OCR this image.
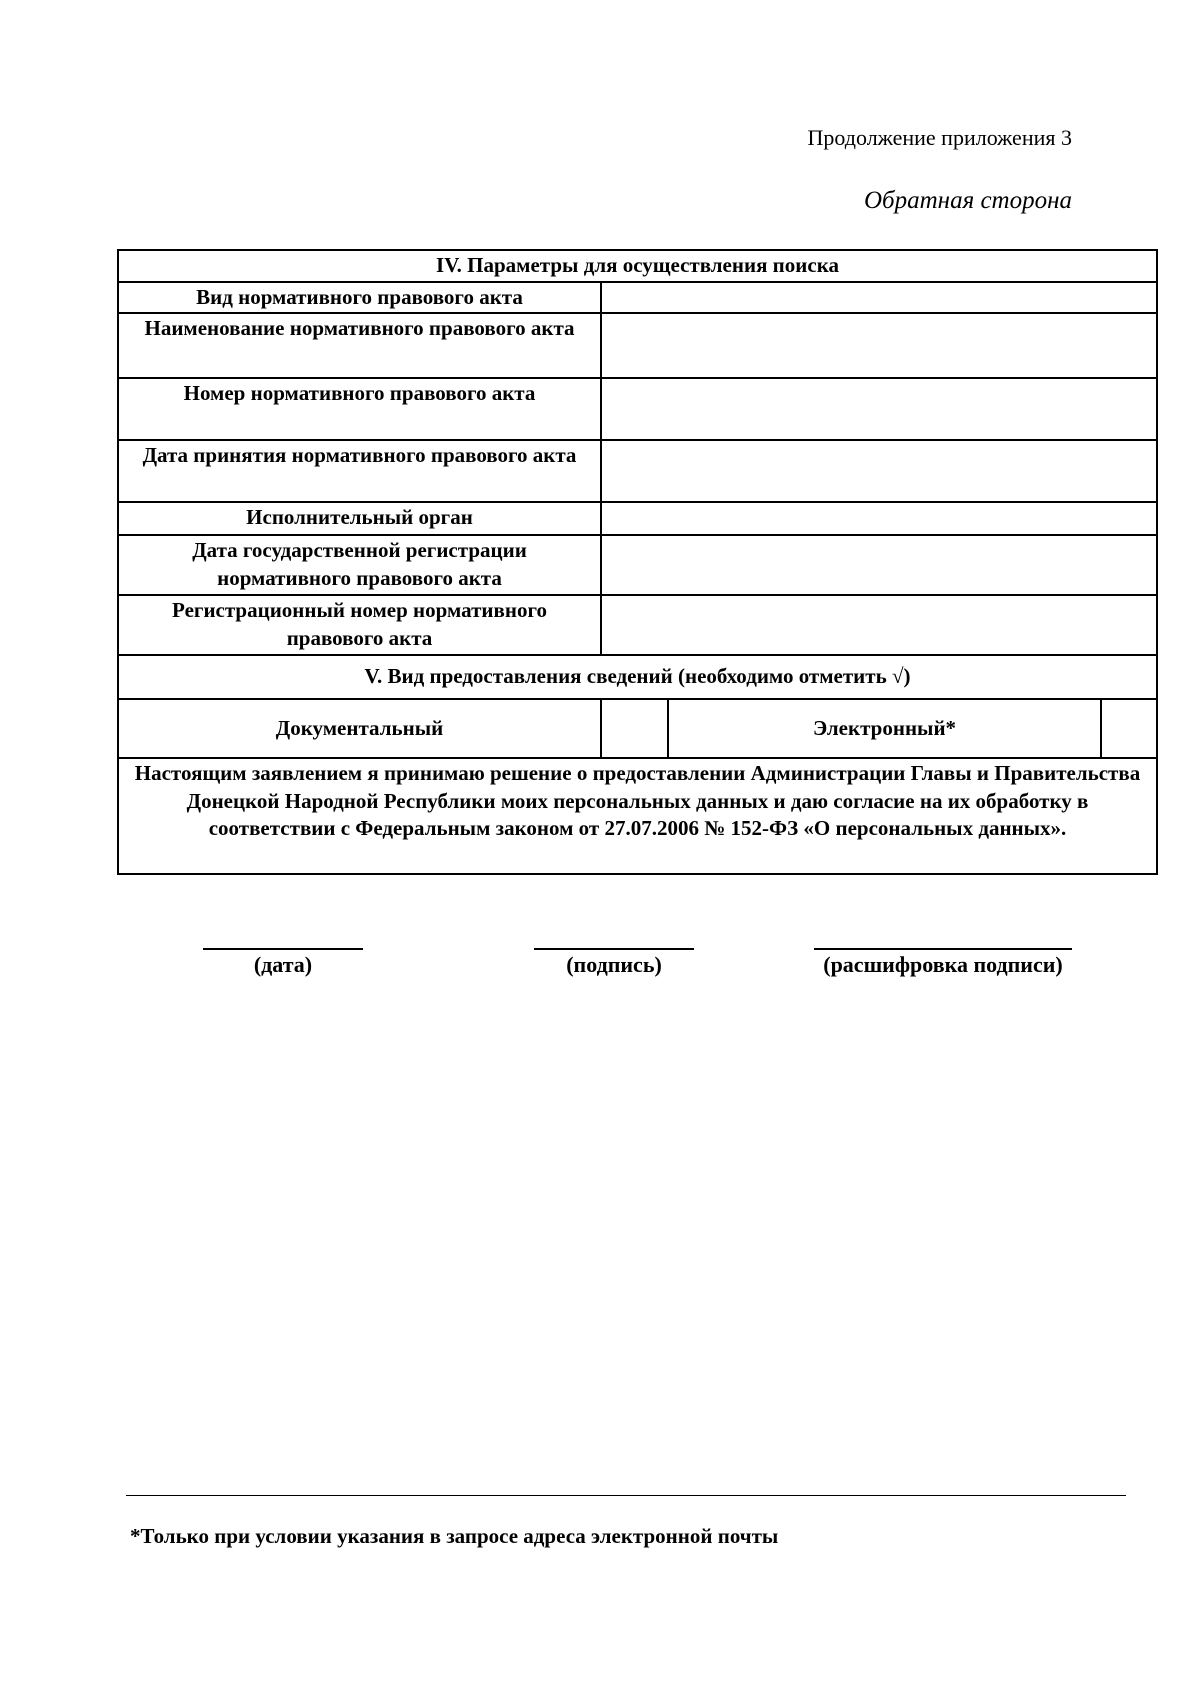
Продолжение приложения 3
Обратная сторона
IV. Параметры для осуществления поиска			
Вид нормативного правового акта			
Наименование нормативного правового акта			
Номер нормативного правового акта			
Дата принятия нормативного правового акта			
Исполнительный орган			
Дата государственной регистрации нормативного правового акта			
Регистрационный номер нормативного правового акта			
V. Вид предоставления сведений (необходимо отметить √)			
Документальный		Электронный*	
Настоящим заявлением я принимаю решение о предоставлении Администрации Главы и Правительства Донецкой Народной Республики моих персональных данных и даю согласие на их обработку в соответствии с Федеральным законом от 27.07.2006 № 152-ФЗ «О персональных данных».			
(дата)	(подпись)	(расшифровка подписи)
*Только при условии указания в запросе адреса электронной почты
